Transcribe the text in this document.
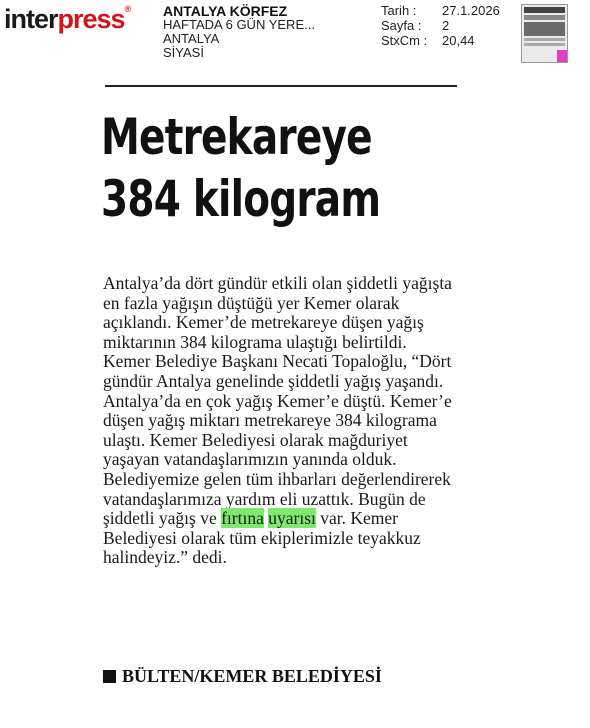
interpress® ANTALYA KÖRFEZ
HAFTADA 6 GÜN YERE...
ANTALYA
SİYASİ
Tarih :	27.1.2026
Sayfa :	2
StxCm :	20,44
Metrekareye
384 kilogram
Antalya’da dört gündür etkili olan şiddetli yağışta en fazla yağışın düştüğü yer Kemer olarak açıklandı. Kemer’de metrekareye düşen yağış miktarının 384 kilograma ulaştığı belirtildi. Kemer Belediye Başkanı Necati Topaloğlu, “Dört gündür Antalya genelinde şiddetli yağış yaşandı. Antalya’da en çok yağış Kemer’e düştü. Kemer’e düşen yağış miktarı metrekareye 384 kilograma ulaştı. Kemer Belediyesi olarak mağduriyet yaşayan vatandaşlarımızın yanında olduk. Belediyemize gelen tüm ihbarları değerlendirerek vatandaşlarımıza yardım eli uzattık. Bugün de şiddetli yağış ve fırtına uyarısı var. Kemer Belediyesi olarak tüm ekiplerimizle teyakkuz halindeyiz.” dedi.
BÜLTEN/KEMER BELEDİYESİ
